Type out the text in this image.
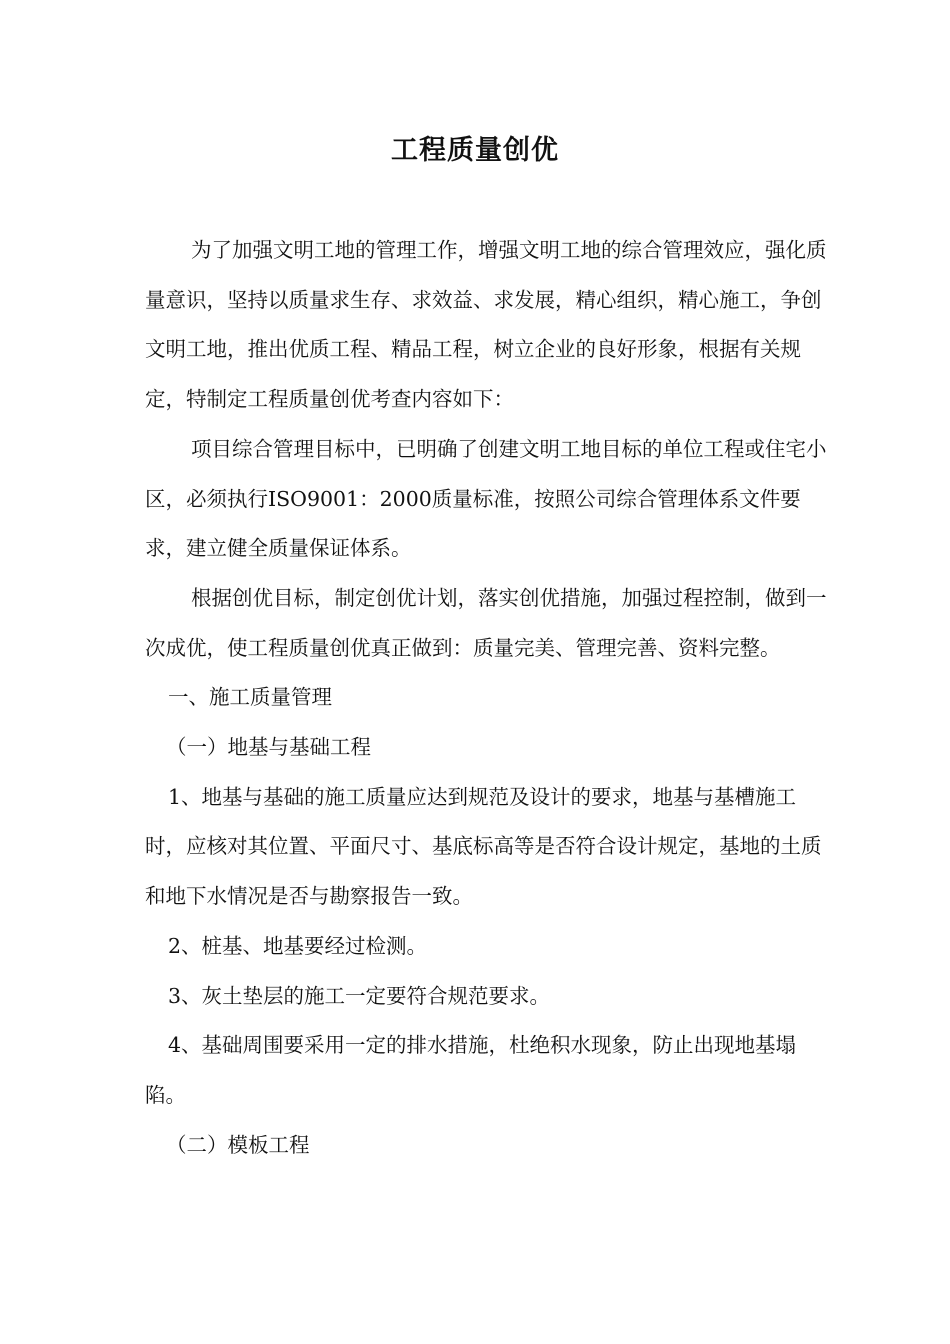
工程质量创优

为了加强文明工地的管理工作，增强文明工地的综合管理效应，强化质量意识，坚持以质量求生存、求效益、求发展，精心组织，精心施工，争创文明工地，推出优质工程、精品工程，树立企业的良好形象，根据有关规定，特制定工程质量创优考查内容如下：

项目综合管理目标中，已明确了创建文明工地目标的单位工程或住宅小区，必须执行ISO9001：2000质量标准，按照公司综合管理体系文件要求，建立健全质量保证体系。

根据创优目标，制定创优计划，落实创优措施，加强过程控制，做到一次成优，使工程质量创优真正做到：质量完美、管理完善、资料完整。

一、施工质量管理

（一）地基与基础工程

1、地基与基础的施工质量应达到规范及设计的要求，地基与基槽施工时，应核对其位置、平面尺寸、基底标高等是否符合设计规定，基地的土质和地下水情况是否与勘察报告一致。

2、桩基、地基要经过检测。

3、灰土垫层的施工一定要符合规范要求。

4、基础周围要采用一定的排水措施，杜绝积水现象，防止出现地基塌陷。

（二）模板工程
